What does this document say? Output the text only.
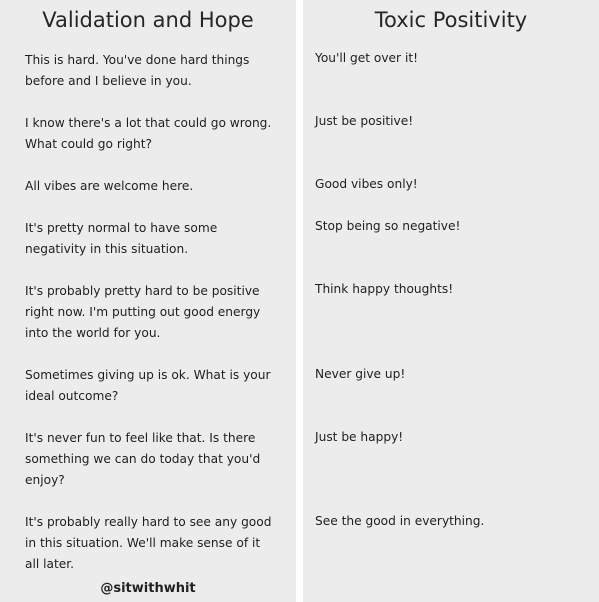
Validation and Hope
This is hard. You've done hard things
before and I believe in you.
I know there's a lot that could go wrong.
What could go right?
All vibes are welcome here.
It's pretty normal to have some
negativity in this situation.
It's probably pretty hard to be positive
right now. I'm putting out good energy
into the world for you.
Sometimes giving up is ok. What is your
ideal outcome?
It's never fun to feel like that. Is there
something we can do today that you'd
enjoy?
It's probably really hard to see any good
in this situation. We'll make sense of it
all later.
@sitwithwhit
Toxic Positivity
You'll get over it!
Just be positive!
Good vibes only!
Stop being so negative!
Think happy thoughts!
Never give up!
Just be happy!
See the good in everything.
